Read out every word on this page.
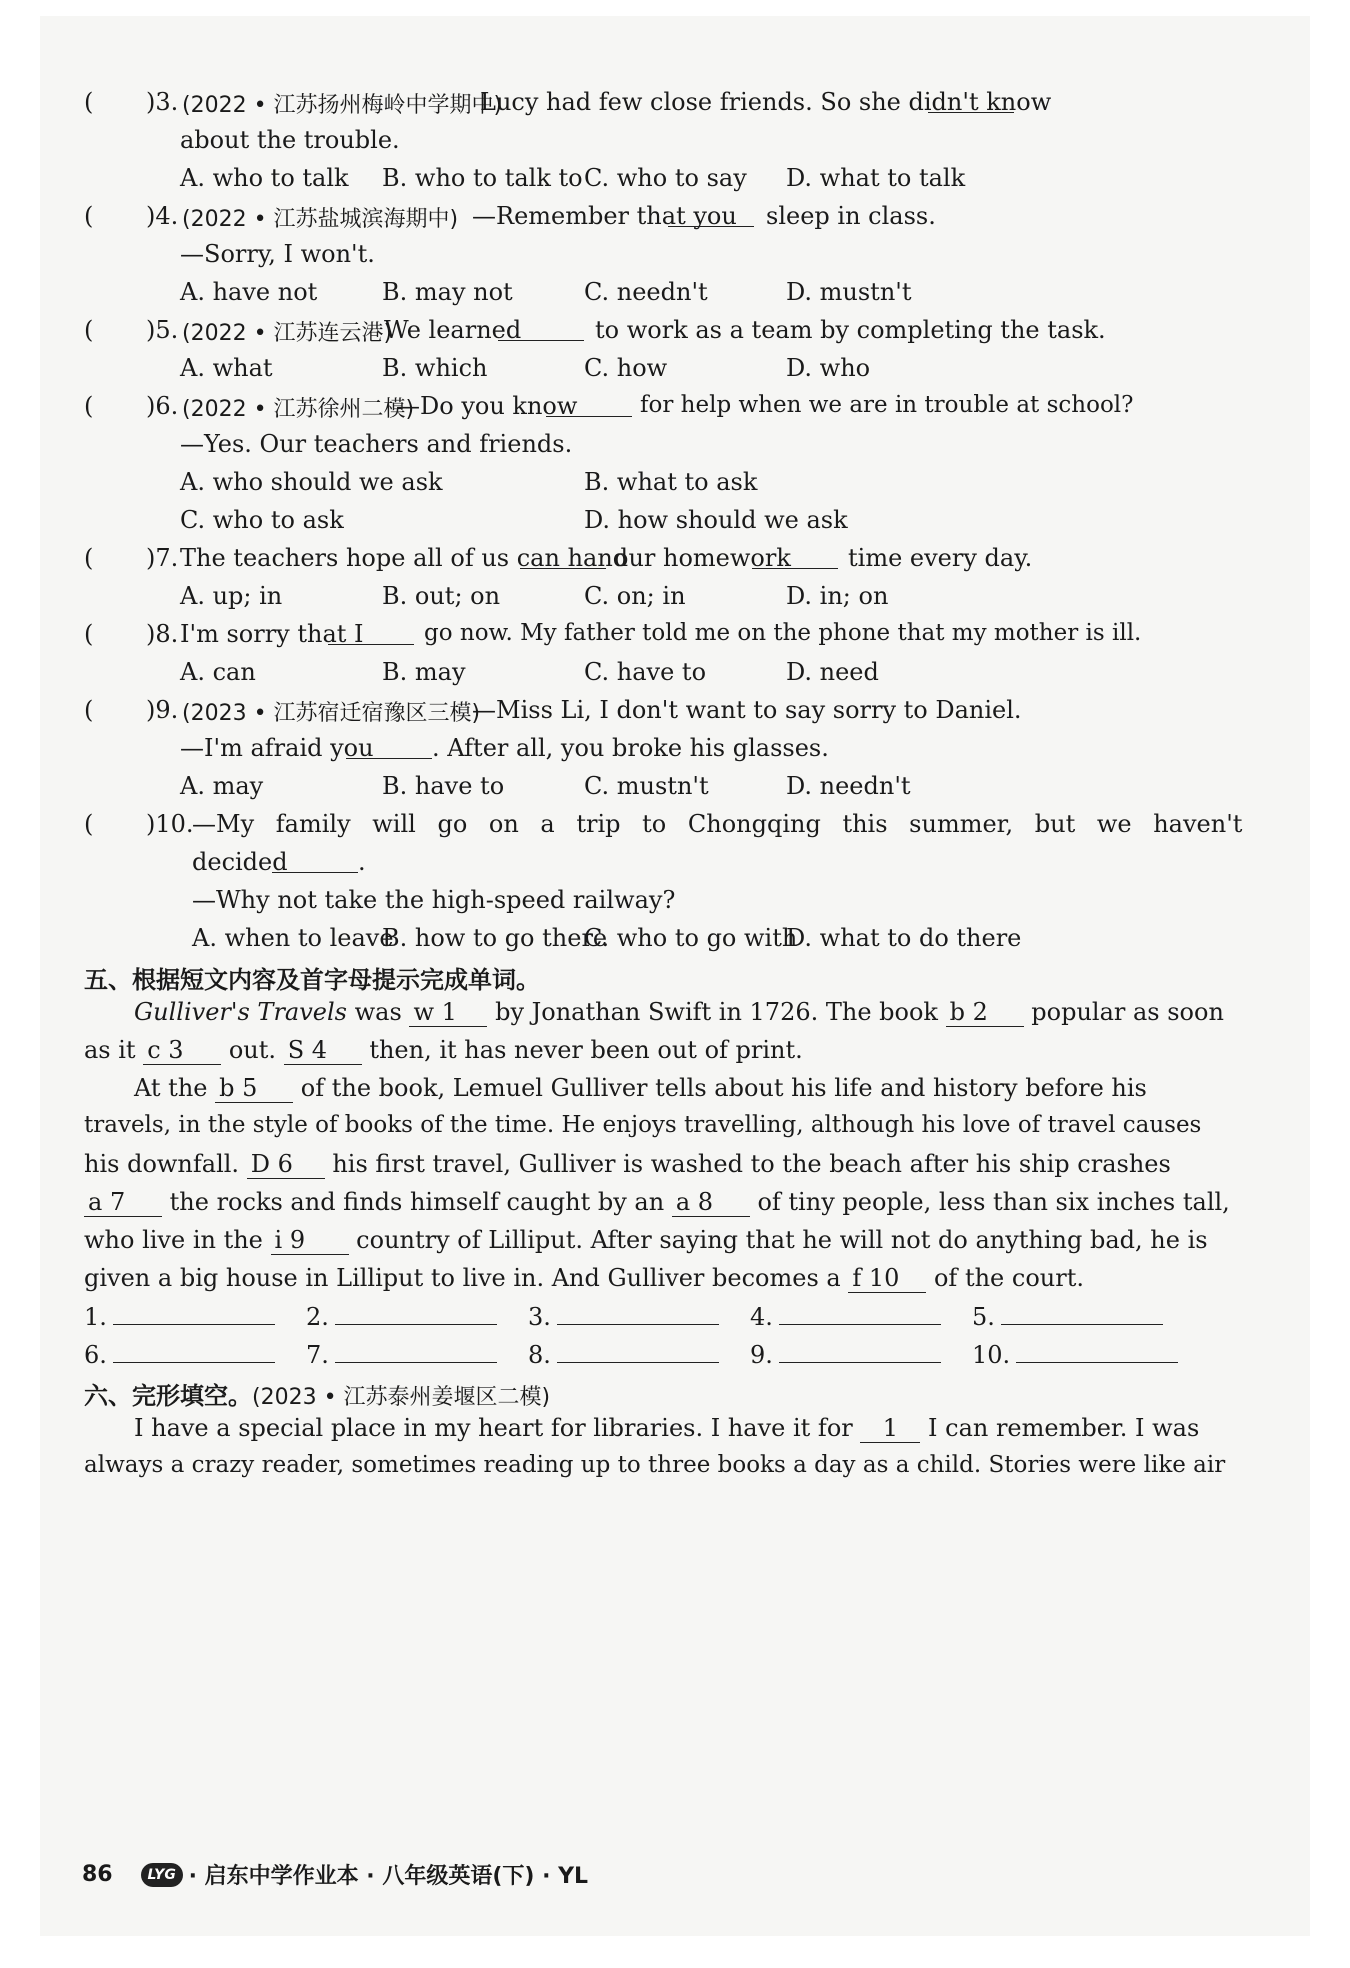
( )3. (2022 • 江苏扬州梅岭中学期中)
Lucy had few close friends. So she didn't know
about the trouble.
A. who to talk B. who to talk to C. who to say D. what to talk
( )4. (2022 • 江苏盐城滨海期中) —Remember that you sleep in class.
—Sorry, I won't.
A. have not	B. may not	C. needn't	D. mustn't
( )5. (2022 • 江苏连云港)
We learned	to work as a team by completing the task.
A. what	B. which	C. how	D. who
( )6. (2022 • 江苏徐州二模)
—Do you know	for help when we are in trouble at school?
—Yes. Our teachers and friends.
A. who should we ask	B. what to ask
C. who to ask	D. how should we ask
( )7. The teachers hope all of us can hand
our homework time every day.
A. up; in	B. out; on	C. on; in	D. in; on
( )8. I'm sorry that I	go now. My father told me on the phone that my mother is ill.
A. can	B. may	C. have to	D. need
( )9. (2023 • 江苏宿迁宿豫区三模)
—Miss Li, I don't want to say sorry to Daniel.
—I'm afraid you . After all, you broke his glasses.
A. may	B. have to	C. mustn't	D. needn't
( )10.
—My family will go on a trip to Chongqing this summer, but we haven't
decided	.
—Why not take the high-speed railway?
A. when to leave
B. how to go there
C. who to go with
D. what to do there
五、根据短文内容及首字母提示完成单词。
Gulliver's Travels was w 1 by Jonathan Swift in 1726. The book b 2 popular as soon
as it c 3 out. S 4 then, it has never been out of print.
At the b 5 of the book, Lemuel Gulliver tells about his life and history before his
travels, in the style of books of the time. He enjoys travelling, although his love of travel causes
his downfall. D 6 his first travel, Gulliver is washed to the beach after his ship crashes
a 7 the rocks and finds himself caught by an a 8 of tiny people, less than six inches tall,
who live in the i 9 country of Lilliput. After saying that he will not do anything bad, he is
given a big house in Lilliput to live in. And Gulliver becomes a f 10 of the court.
1.	2.	3.	4.	5.
6.	7.	8.	9.	10.
六、完形填空。(2023 • 江苏泰州姜堰区二模)
I have a special place in my heart for libraries. I have it for 1 I can remember. I was
always a crazy reader, sometimes reading up to three books a day as a child. Stories were like air
86	LYG · 启东中学作业本 · 八年级英语(下) · YL
